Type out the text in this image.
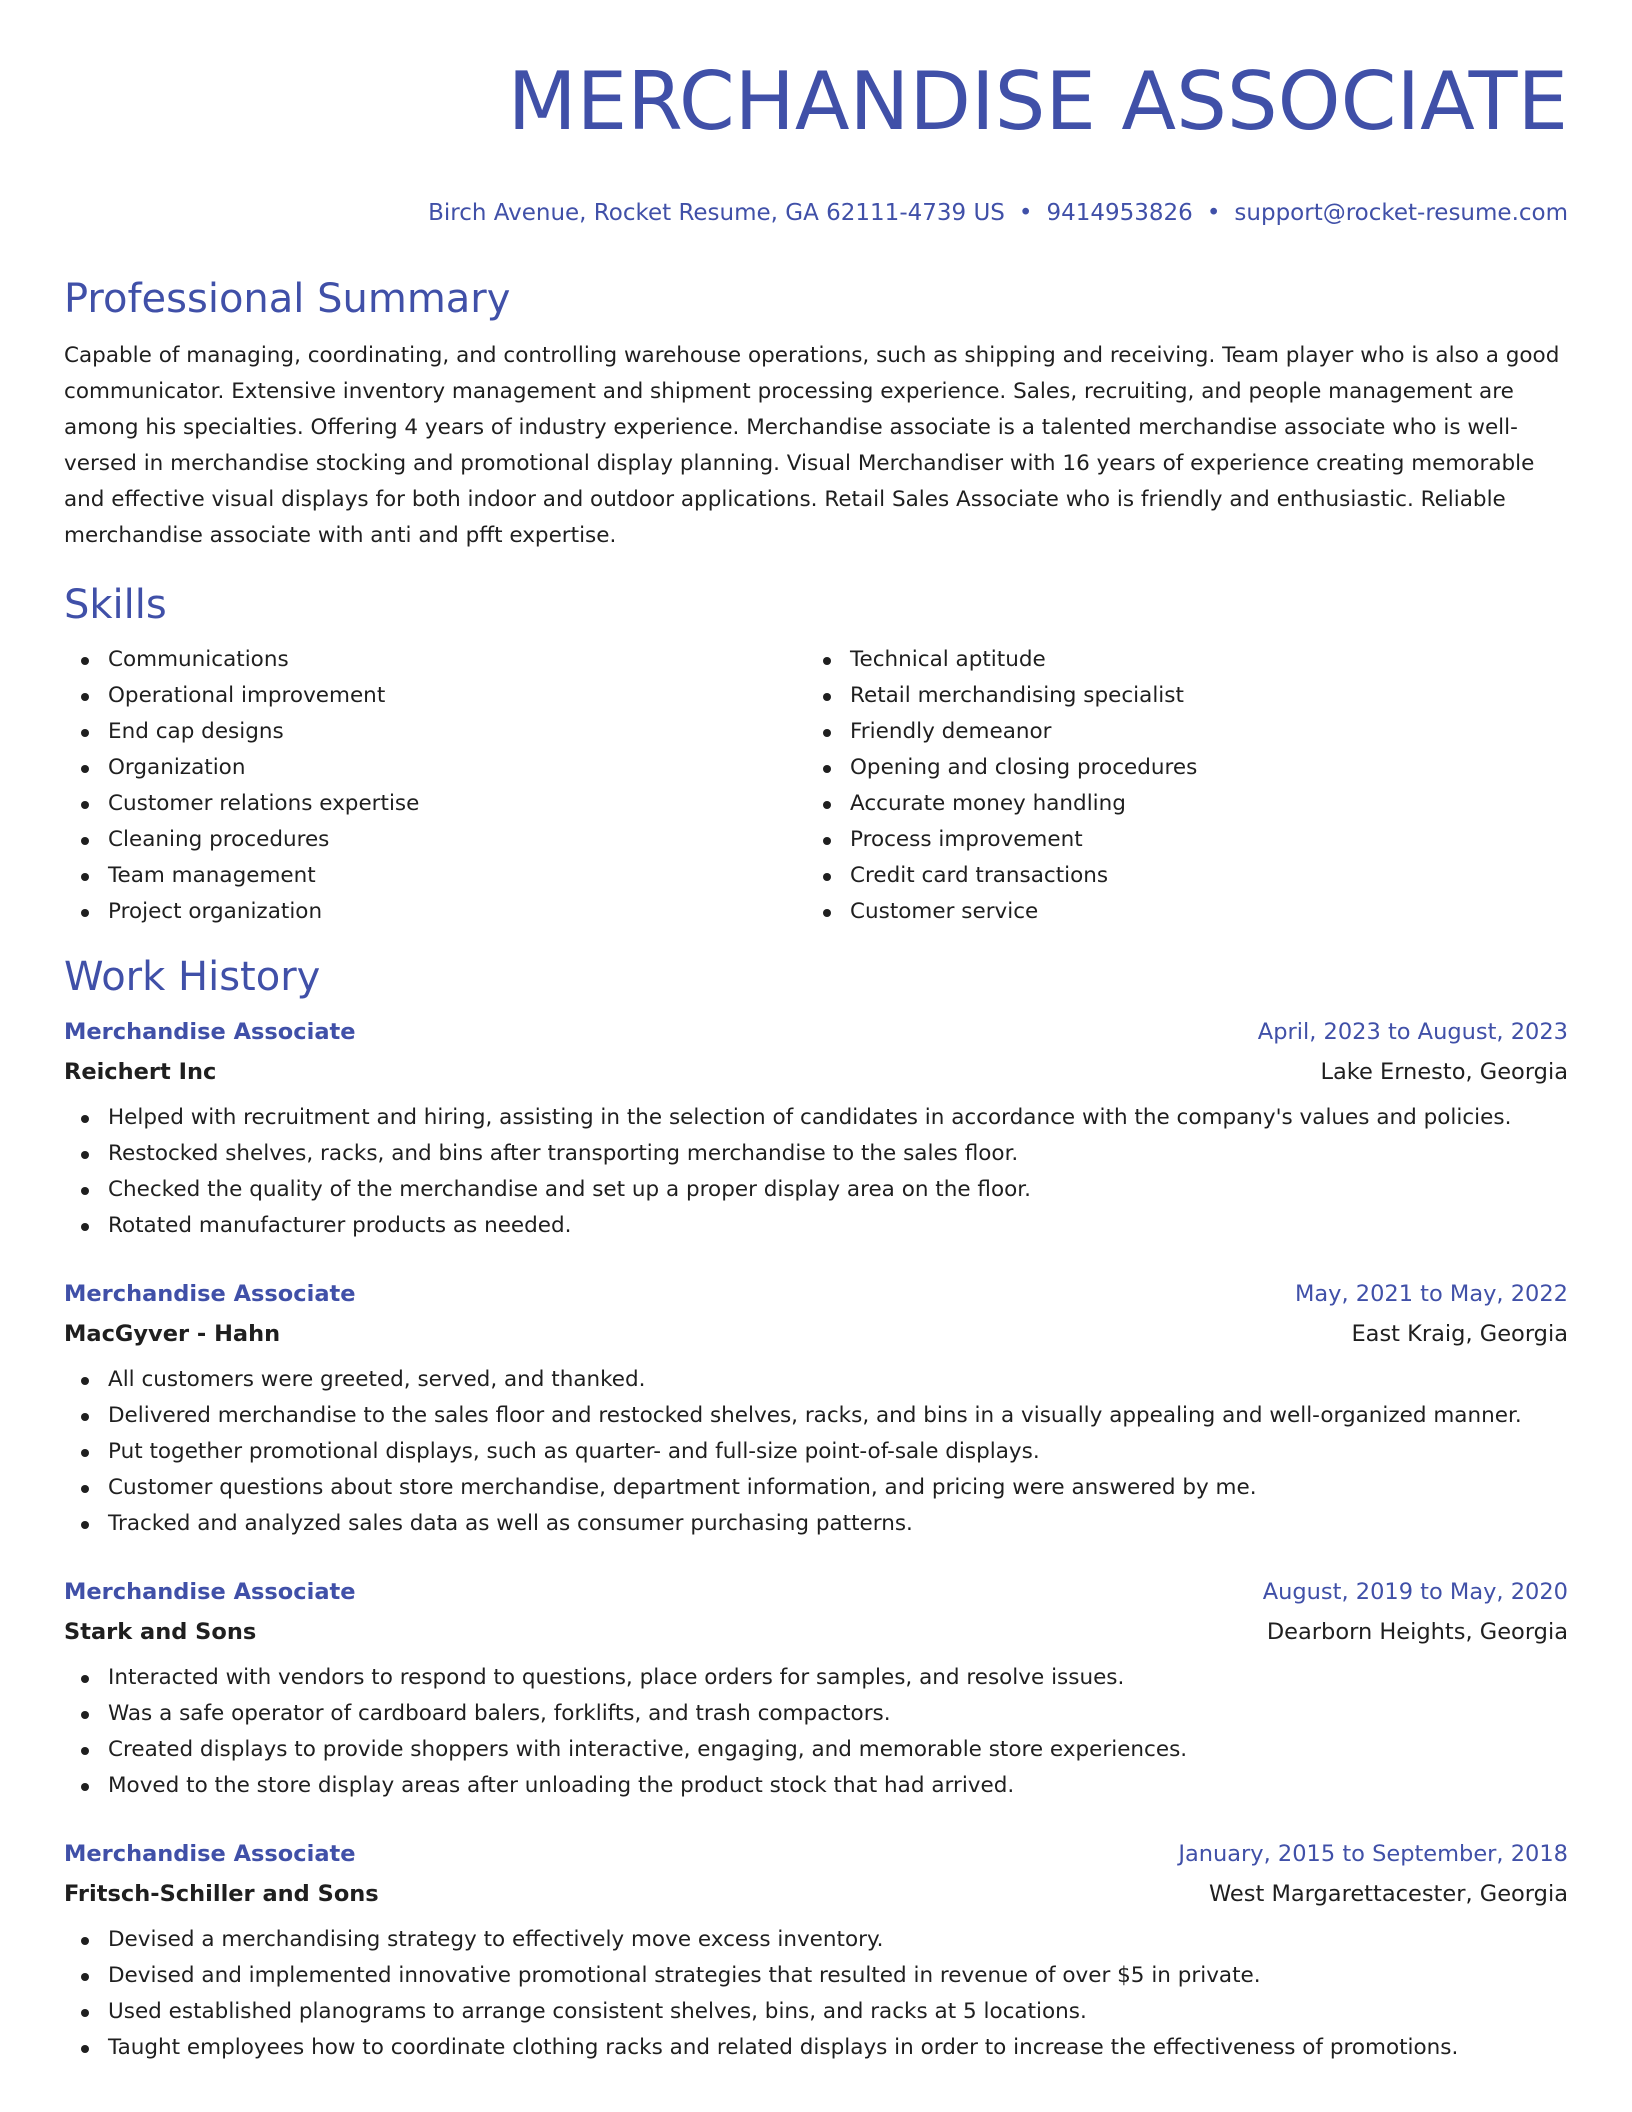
MERCHANDISE ASSOCIATE
Birch Avenue, Rocket Resume, GA 62111-4739 US • 9414953826 • support@rocket-resume.com
Professional Summary
Capable of managing, coordinating, and controlling warehouse operations, such as shipping and receiving. Team player who is also a good communicator. Extensive inventory management and shipment processing experience. Sales, recruiting, and people management are among his specialties. Offering 4 years of industry experience. Merchandise associate is a talented merchandise associate who is well-versed in merchandise stocking and promotional display planning. Visual Merchandiser with 16 years of experience creating memorable and effective visual displays for both indoor and outdoor applications. Retail Sales Associate who is friendly and enthusiastic. Reliable merchandise associate with anti and pfft expertise.
Skills
Communications
Operational improvement
End cap designs
Organization
Customer relations expertise
Cleaning procedures
Team management
Project organization
Technical aptitude
Retail merchandising specialist
Friendly demeanor
Opening and closing procedures
Accurate money handling
Process improvement
Credit card transactions
Customer service
Work History
Merchandise Associate	April, 2023 to August, 2023
Reichert Inc	Lake Ernesto, Georgia
Helped with recruitment and hiring, assisting in the selection of candidates in accordance with the company's values and policies.
Restocked shelves, racks, and bins after transporting merchandise to the sales floor.
Checked the quality of the merchandise and set up a proper display area on the floor.
Rotated manufacturer products as needed.
Merchandise Associate	May, 2021 to May, 2022
MacGyver - Hahn	East Kraig, Georgia
All customers were greeted, served, and thanked.
Delivered merchandise to the sales floor and restocked shelves, racks, and bins in a visually appealing and well-organized manner.
Put together promotional displays, such as quarter- and full-size point-of-sale displays.
Customer questions about store merchandise, department information, and pricing were answered by me.
Tracked and analyzed sales data as well as consumer purchasing patterns.
Merchandise Associate	August, 2019 to May, 2020
Stark and Sons	Dearborn Heights, Georgia
Interacted with vendors to respond to questions, place orders for samples, and resolve issues.
Was a safe operator of cardboard balers, forklifts, and trash compactors.
Created displays to provide shoppers with interactive, engaging, and memorable store experiences.
Moved to the store display areas after unloading the product stock that had arrived.
Merchandise Associate	January, 2015 to September, 2018
Fritsch-Schiller and Sons	West Margarettacester, Georgia
Devised a merchandising strategy to effectively move excess inventory.
Devised and implemented innovative promotional strategies that resulted in revenue of over $5 in private.
Used established planograms to arrange consistent shelves, bins, and racks at 5 locations.
Taught employees how to coordinate clothing racks and related displays in order to increase the effectiveness of promotions.
